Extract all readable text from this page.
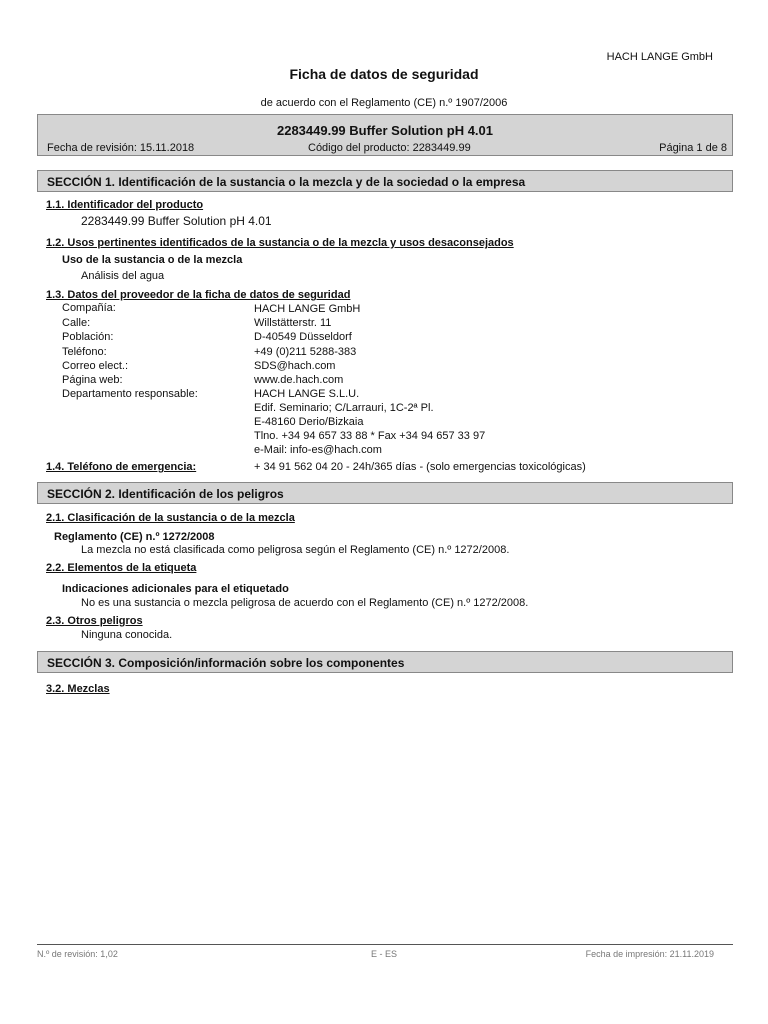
HACH LANGE GmbH
Ficha de datos de seguridad
de acuerdo con el Reglamento (CE) n.º 1907/2006
2283449.99 Buffer Solution pH 4.01
Fecha de revisión: 15.11.2018	Código del producto: 2283449.99	Página 1 de 8
SECCIÓN 1. Identificación de la sustancia o la mezcla y de la sociedad o la empresa
1.1. Identificador del producto
2283449.99 Buffer Solution pH 4.01
1.2. Usos pertinentes identificados de la sustancia o de la mezcla y usos desaconsejados
Uso de la sustancia o de la mezcla
Análisis del agua
1.3. Datos del proveedor de la ficha de datos de seguridad
Compañía:	HACH LANGE GmbH
Calle:	Willstätterstr. 11
Población:	D-40549 Düsseldorf
Teléfono:	+49 (0)211 5288-383
Correo elect.:	SDS@hach.com
Página web:	www.de.hach.com
Departamento responsable:	HACH LANGE S.L.U.
Edif. Seminario; C/Larrauri, 1C-2ª Pl.
E-48160 Derio/Bizkaia
Tlno. +34 94 657 33 88 * Fax +34 94 657 33 97
e-Mail: info-es@hach.com
1.4. Teléfono de emergencia:	+ 34 91 562 04 20 - 24h/365 días - (solo emergencias toxicológicas)
SECCIÓN 2. Identificación de los peligros
2.1. Clasificación de la sustancia o de la mezcla
Reglamento (CE) n.º 1272/2008
La mezcla no está clasificada como peligrosa según el Reglamento (CE) n.º 1272/2008.
2.2. Elementos de la etiqueta
Indicaciones adicionales para el etiquetado
No es una sustancia o mezcla peligrosa de acuerdo con el Reglamento (CE) n.º 1272/2008.
2.3. Otros peligros
Ninguna conocida.
SECCIÓN 3. Composición/información sobre los componentes
3.2. Mezclas
N.º de revisión: 1,02	E - ES	Fecha de impresión: 21.11.2019
